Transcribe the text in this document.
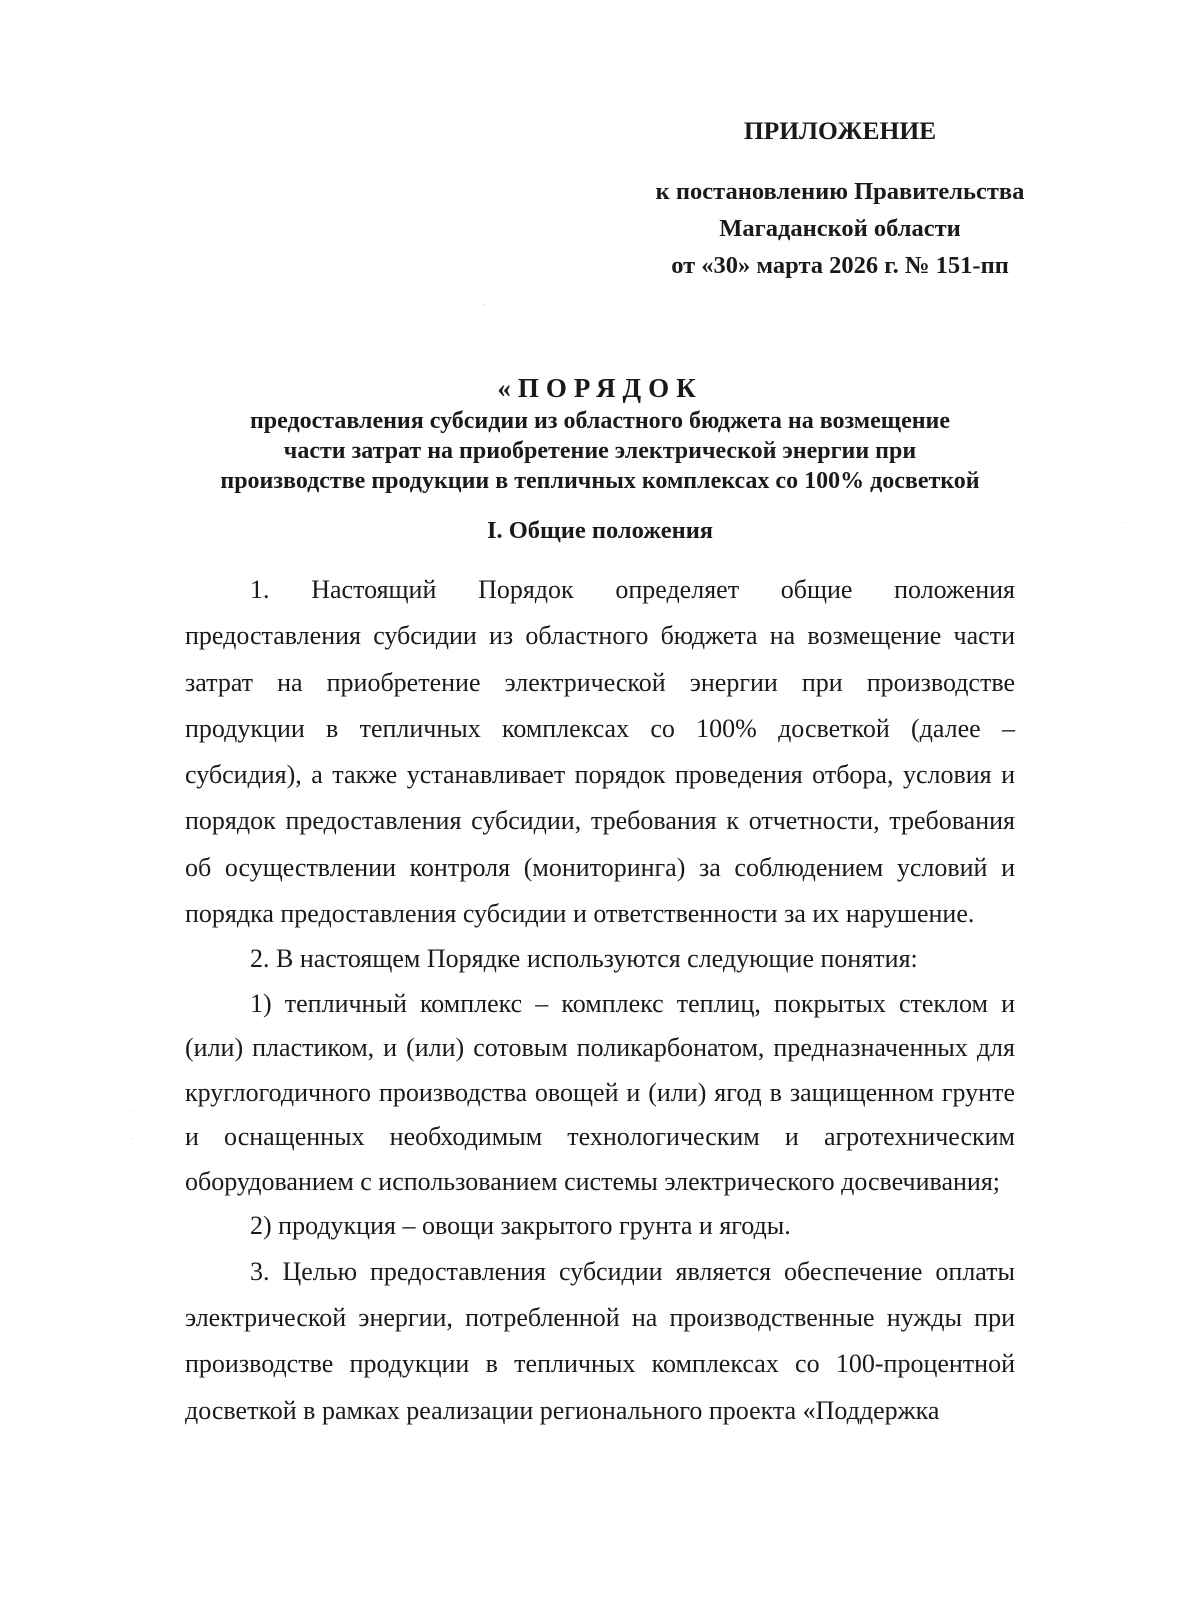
ПРИЛОЖЕНИЕ
к постановлению Правительства
Магаданской области
от «30» марта 2026 г. № 151-пп
«ПОРЯДОК
предоставления субсидии из областного бюджета на возмещение
части затрат на приобретение электрической энергии при
производстве продукции в тепличных комплексах со 100% досветкой
I. Общие положения

1. Настоящий Порядок определяет общие положения предоставления субсидии из областного бюджета на возмещение части затрат на приобретение электрической энергии при производстве продукции в тепличных комплексах со 100% досветкой (далее – субсидия), а также устанавливает порядок проведения отбора, условия и порядок предоставления субсидии, требования к отчетности, требования об осуществлении контроля (мониторинга) за соблюдением условий и порядка предоставления субсидии и ответственности за их нарушение.

2. В настоящем Порядке используются следующие понятия:

1) тепличный комплекс – комплекс теплиц, покрытых стеклом и (или) пластиком, и (или) сотовым поликарбонатом, предназначенных для круглогодичного производства овощей и (или) ягод в защищенном грунте и оснащенных необходимым технологическим и агротехническим оборудованием с использованием системы электрического досвечивания;

2) продукция – овощи закрытого грунта и ягоды.

3. Целью предоставления субсидии является обеспечение оплаты электрической энергии, потребленной на производственные нужды при производстве продукции в тепличных комплексах со 100-процентной досветкой в рамках реализации регионального проекта «Поддержка
